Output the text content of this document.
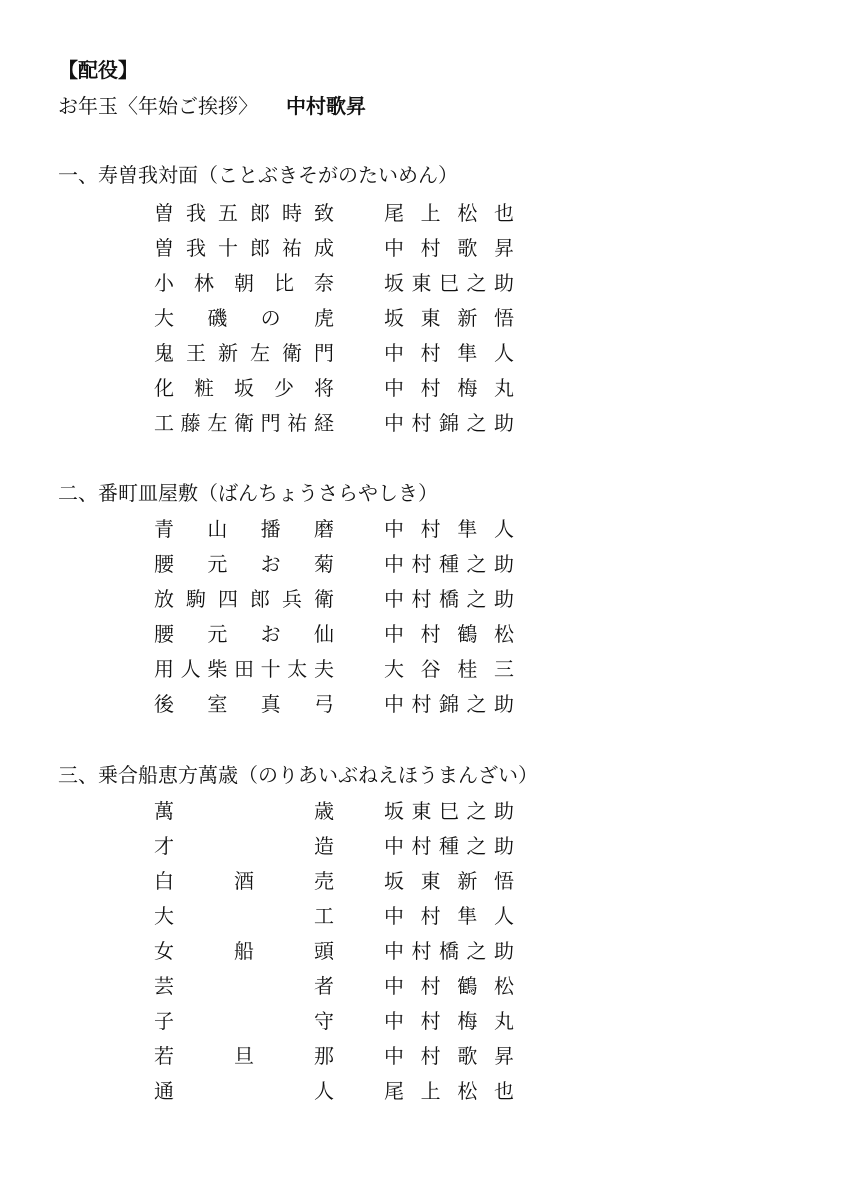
【配役】
お年玉〈年始ご挨拶〉 中村歌昇
一、寿曽我対面（ことぶきそがのたいめん）
曽 我 五 郎 時 致	尾 上 松 也
曽 我 十 郎 祐 成	中 村 歌 昇
小 林 朝 比 奈	坂 東 巳 之 助
大 磯 の 虎	坂 東 新 悟
鬼 王 新 左 衛 門	中 村 隼 人
化 粧 坂 少 将	中 村 梅 丸
工 藤 左 衛 門 祐 経	中 村 錦 之 助
二、番町皿屋敷（ばんちょうさらやしき）
青 山 播 磨	中 村 隼 人
腰 元 お 菊	中 村 種 之 助
放 駒 四 郎 兵 衛	中 村 橋 之 助
腰 元 お 仙	中 村 鶴 松
用 人 柴 田 十 太 夫	大 谷 桂 三
後 室 真 弓	中 村 錦 之 助
三、乗合船恵方萬歳（のりあいぶねえほうまんざい）
萬	歳	坂 東 巳 之 助
才	造	中 村 種 之 助
白	酒	売	坂 東 新 悟
大	工	中 村 隼 人
女	船	頭	中 村 橋 之 助
芸	者	中 村 鶴 松
子	守	中 村 梅 丸
若	旦	那	中 村 歌 昇
通	人	尾 上 松 也
